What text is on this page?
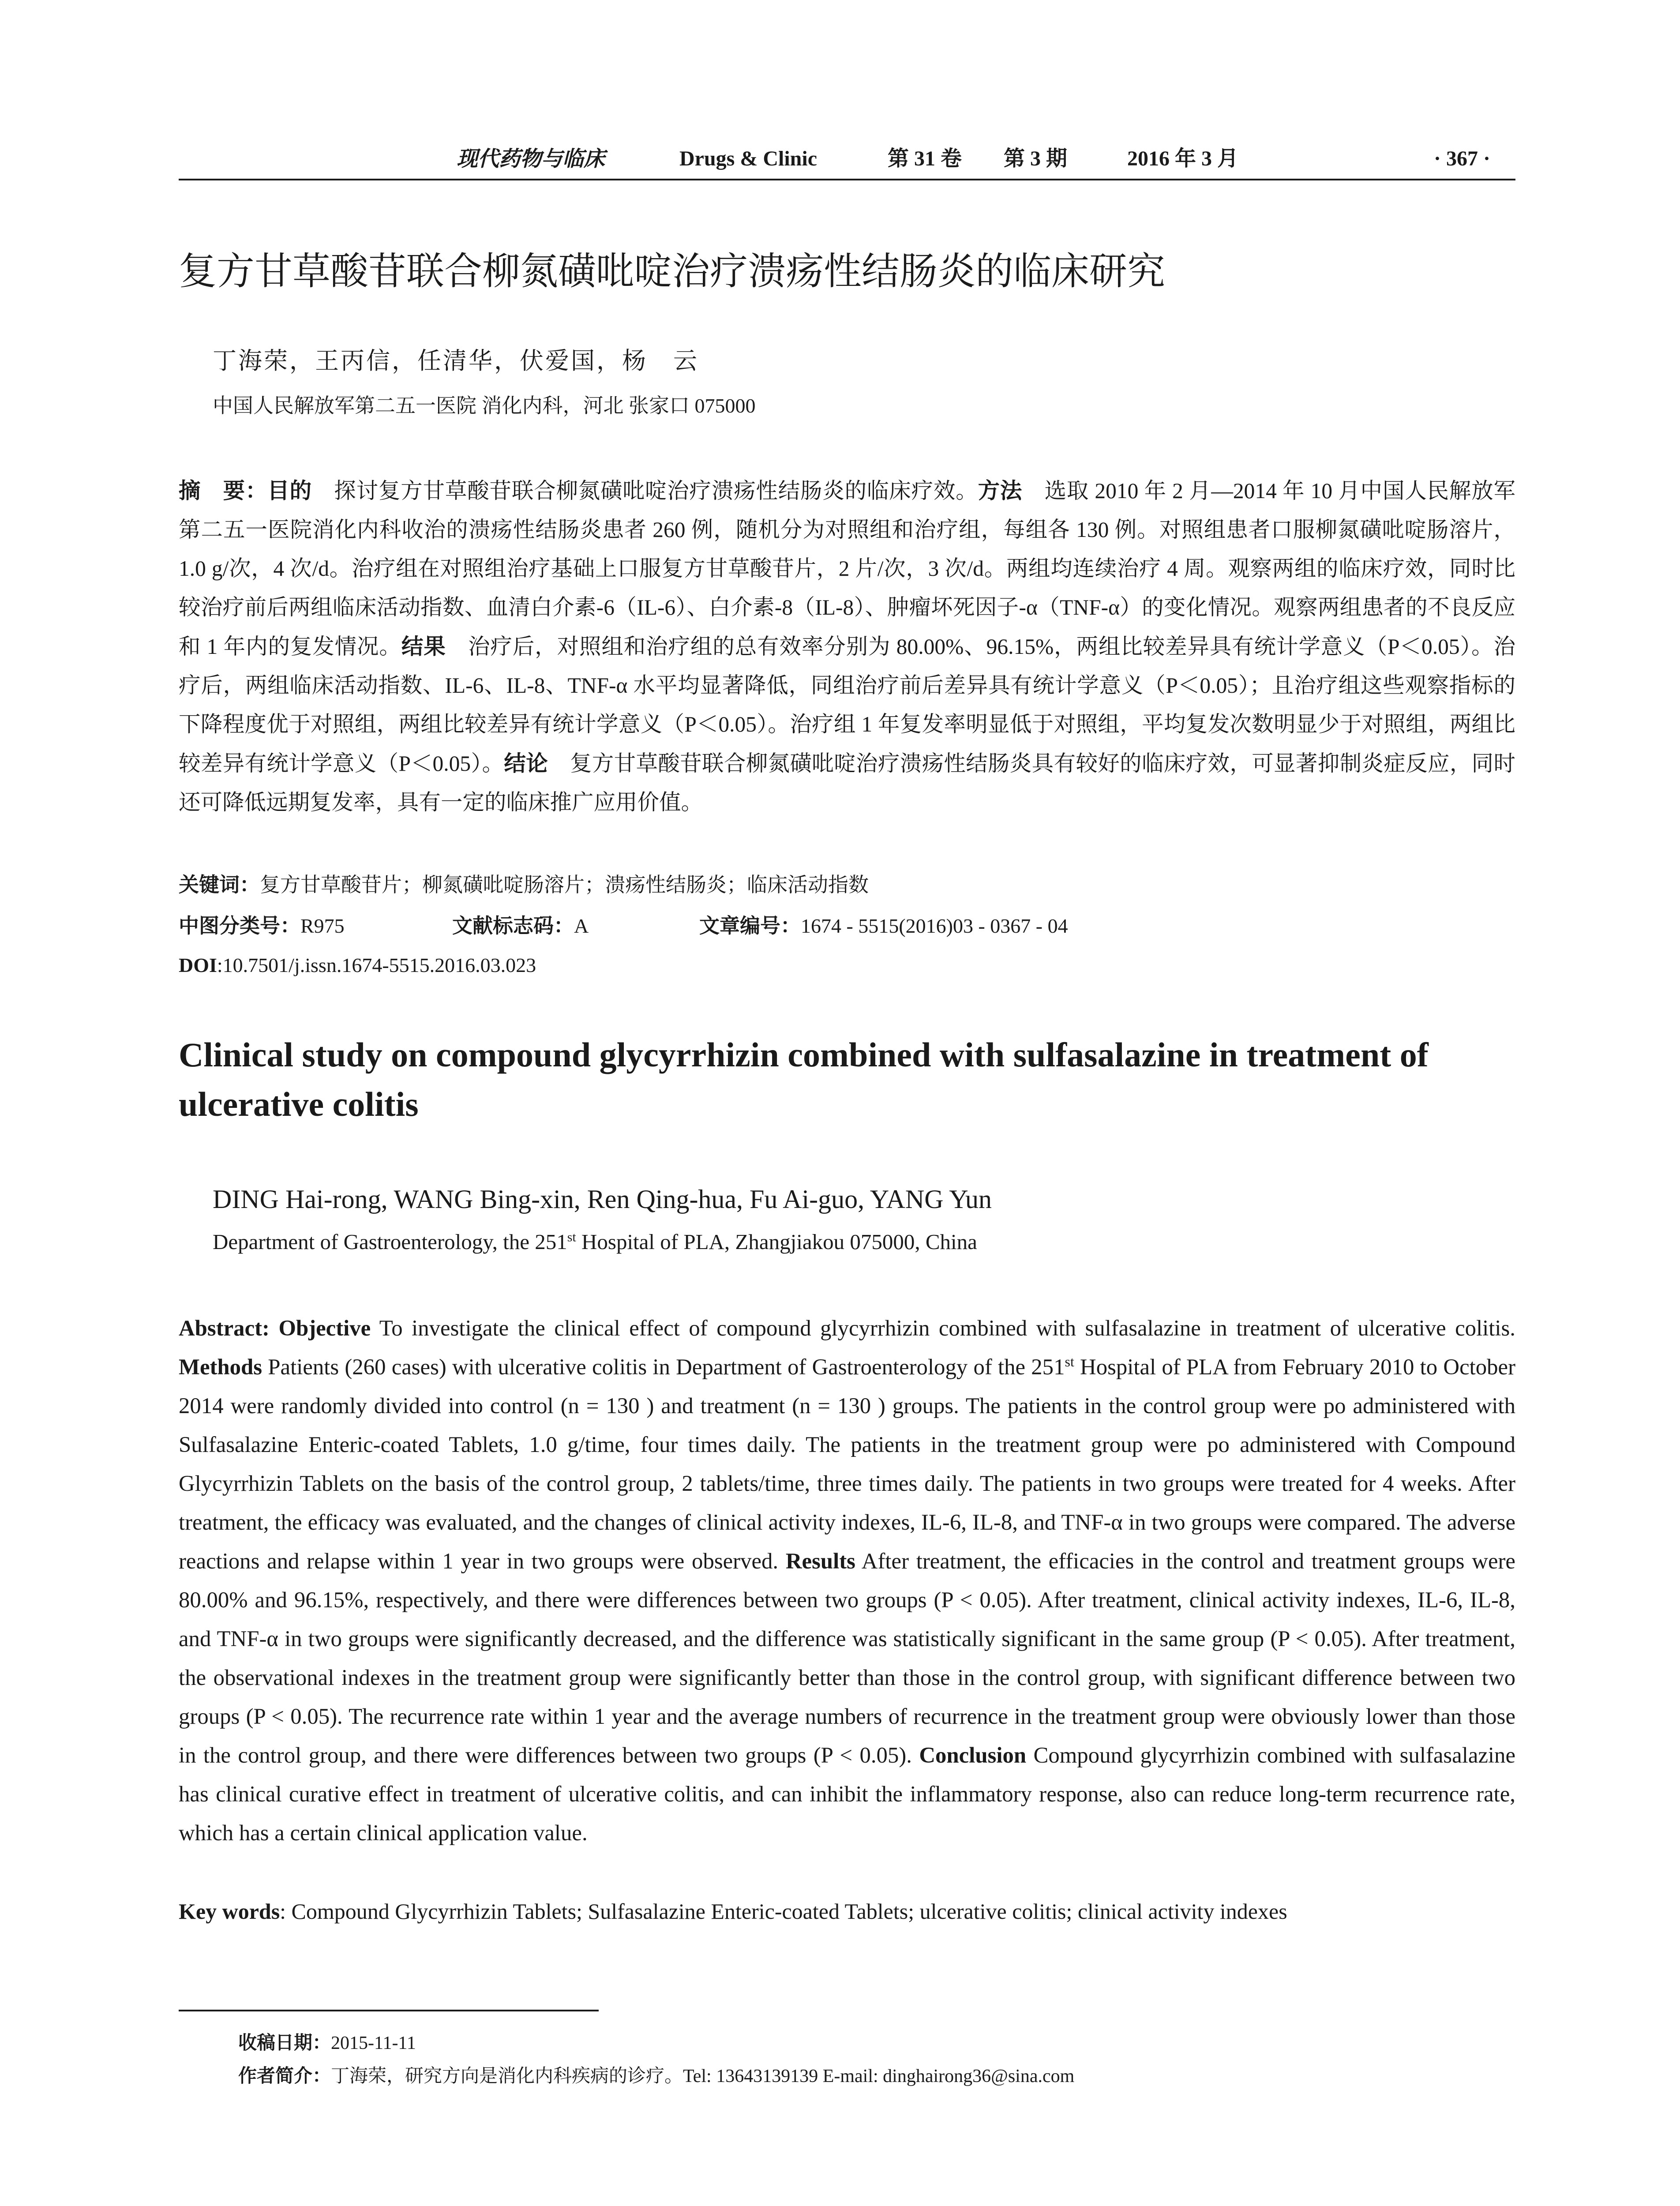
现代药物与临床	Drugs & Clinic	第 31 卷 第 3 期	2016 年 3 月	· 367 ·
复方甘草酸苷联合柳氮磺吡啶治疗溃疡性结肠炎的临床研究
丁海荣，王丙信，任清华，伏爱国，杨　云
中国人民解放军第二五一医院 消化内科，河北 张家口 075000
摘　要：目的　探讨复方甘草酸苷联合柳氮磺吡啶治疗溃疡性结肠炎的临床疗效。方法　选取 2010 年 2 月—2014 年 10 月中国人民解放军第二五一医院消化内科收治的溃疡性结肠炎患者 260 例，随机分为对照组和治疗组，每组各 130 例。对照组患者口服柳氮磺吡啶肠溶片，1.0 g/次，4 次/d。治疗组在对照组治疗基础上口服复方甘草酸苷片，2 片/次，3 次/d。两组均连续治疗 4 周。观察两组的临床疗效，同时比较治疗前后两组临床活动指数、血清白介素-6（IL-6）、白介素-8（IL-8）、肿瘤坏死因子-α（TNF-α）的变化情况。观察两组患者的不良反应和 1 年内的复发情况。结果　治疗后，对照组和治疗组的总有效率分别为 80.00%、96.15%，两组比较差异具有统计学意义（P＜0.05）。治疗后，两组临床活动指数、IL-6、IL-8、TNF-α 水平均显著降低，同组治疗前后差异具有统计学意义（P＜0.05）；且治疗组这些观察指标的下降程度优于对照组，两组比较差异有统计学意义（P＜0.05）。治疗组 1 年复发率明显低于对照组，平均复发次数明显少于对照组，两组比较差异有统计学意义（P＜0.05）。结论　复方甘草酸苷联合柳氮磺吡啶治疗溃疡性结肠炎具有较好的临床疗效，可显著抑制炎症反应，同时还可降低远期复发率，具有一定的临床推广应用价值。
关键词：复方甘草酸苷片；柳氮磺吡啶肠溶片；溃疡性结肠炎；临床活动指数
中图分类号：R975	文献标志码：A	文章编号：1674 - 5515(2016)03 - 0367 - 04
DOI:10.7501/j.issn.1674-5515.2016.03.023
Clinical study on compound glycyrrhizin combined with sulfasalazine in treatment of ulcerative colitis
DING Hai-rong, WANG Bing-xin, Ren Qing-hua, Fu Ai-guo, YANG Yun
Department of Gastroenterology, the 251st Hospital of PLA, Zhangjiakou 075000, China
Abstract: Objective To investigate the clinical effect of compound glycyrrhizin combined with sulfasalazine in treatment of ulcerative colitis. Methods Patients (260 cases) with ulcerative colitis in Department of Gastroenterology of the 251st Hospital of PLA from February 2010 to October 2014 were randomly divided into control (n = 130 ) and treatment (n = 130 ) groups. The patients in the control group were po administered with Sulfasalazine Enteric-coated Tablets, 1.0 g/time, four times daily. The patients in the treatment group were po administered with Compound Glycyrrhizin Tablets on the basis of the control group, 2 tablets/time, three times daily. The patients in two groups were treated for 4 weeks. After treatment, the efficacy was evaluated, and the changes of clinical activity indexes, IL-6, IL-8, and TNF-α in two groups were compared. The adverse reactions and relapse within 1 year in two groups were observed. Results After treatment, the efficacies in the control and treatment groups were 80.00% and 96.15%, respectively, and there were differences between two groups (P < 0.05). After treatment, clinical activity indexes, IL-6, IL-8, and TNF-α in two groups were significantly decreased, and the difference was statistically significant in the same group (P < 0.05). After treatment, the observational indexes in the treatment group were significantly better than those in the control group, with significant difference between two groups (P < 0.05). The recurrence rate within 1 year and the average numbers of recurrence in the treatment group were obviously lower than those in the control group, and there were differences between two groups (P < 0.05). Conclusion Compound glycyrrhizin combined with sulfasalazine has clinical curative effect in treatment of ulcerative colitis, and can inhibit the inflammatory response, also can reduce long-term recurrence rate, which has a certain clinical application value.
Key words: Compound Glycyrrhizin Tablets; Sulfasalazine Enteric-coated Tablets; ulcerative colitis; clinical activity indexes
收稿日期：2015-11-11
作者简介：丁海荣，研究方向是消化内科疾病的诊疗。Tel: 13643139139 E-mail: dinghairong36@sina.com
